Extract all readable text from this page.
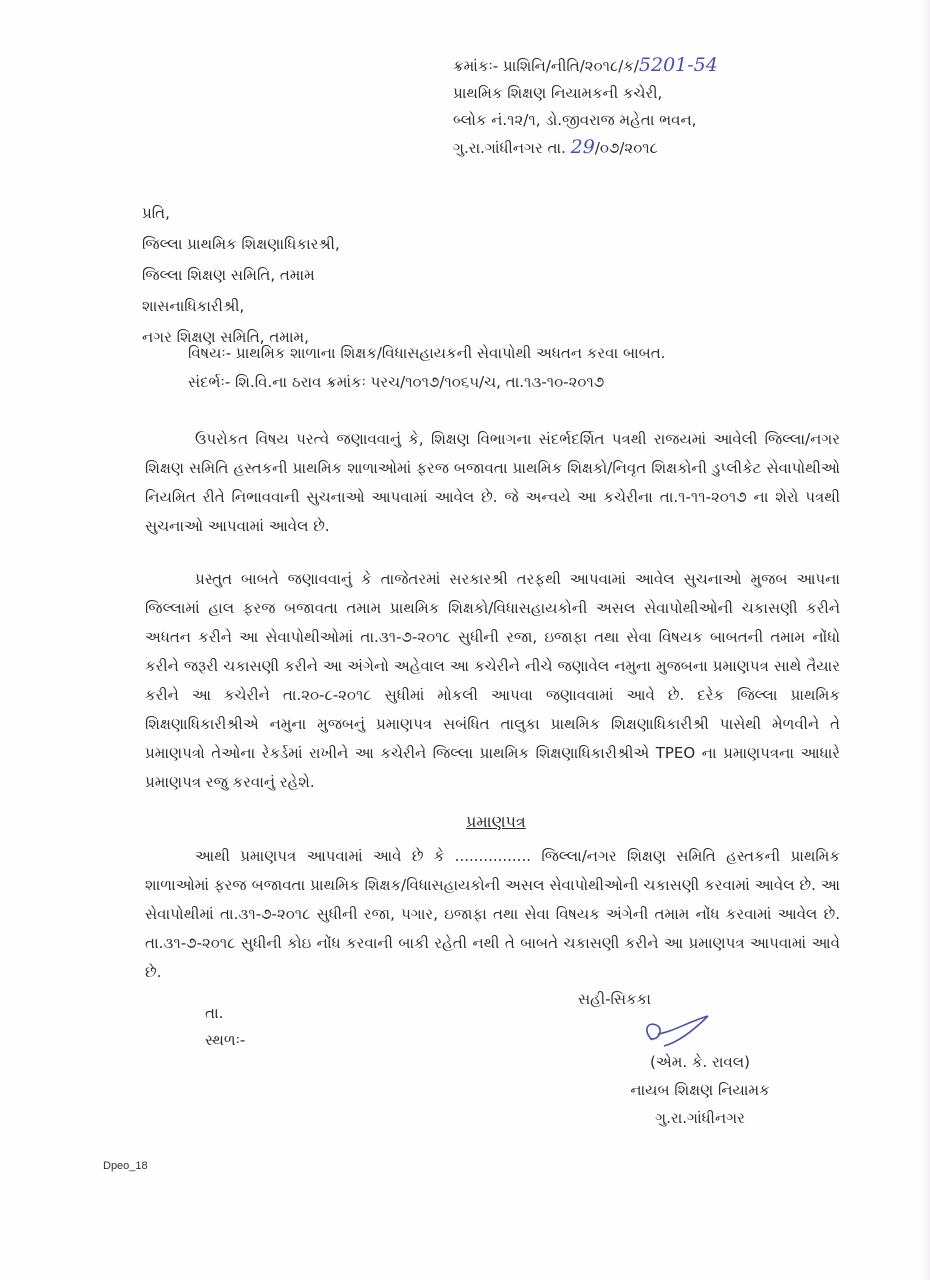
ક્રમાંકઃ- પ્રાશિનિ/નીતિ/૨૦૧૮/ક/5201-54
પ્રાથમિક શિક્ષણ નિયામકની કચેરી,
બ્લોક નં.૧૨/૧, ડો.જીવરાજ મહેતા ભવન,
ગુ.રા.ગાંધીનગર તા. 29/૦૭/૨૦૧૮
પ્રતિ,
જિલ્લા પ્રાથમિક શિક્ષણાધિકારશ્રી,
જિલ્લા શિક્ષણ સમિતિ, તમામ
શાસનાધિકારીશ્રી,
નગર શિક્ષણ સમિતિ, તમામ,
વિષયઃ- પ્રાથમિક શાળાના શિક્ષક/વિધાસહાયકની સેવાપોથી અધતન કરવા બાબત.
સંદર્ભઃ- શિ.વિ.ના ઠરાવ ક્રમાંકઃ પરચ/૧૦૧૭/૧૦૬૫/ચ, તા.૧૩-૧૦-૨૦૧૭
ઉપરોકત વિષય પરત્વે જણાવવાનું કે, શિક્ષણ વિભાગના સંદર્ભદર્શિત પત્રથી રાજયમાં આવેલી જિલ્લા/નગર શિક્ષણ સમિતિ હસ્તકની પ્રાથમિક શાળાઓમાં ફરજ બજાવતા પ્રાથમિક શિક્ષકો/નિવૃત શિક્ષકોની ડુપ્લીકેટ સેવાપોથીઓ નિયમિત રીતે નિભાવવાની સુચનાઓ આપવામાં આવેલ છે. જે અન્વયે આ કચેરીના તા.૧-૧૧-૨૦૧૭ ના શેરો પત્રથી સુચનાઓ આપવામાં આવેલ છે.
પ્રસ્તુત બાબતે જણાવવાનું કે તાજેતરમાં સરકારશ્રી તરફથી આપવામાં આવેલ સુચનાઓ મુજબ આપના જિલ્લામાં હાલ ફરજ બજાવતા તમામ પ્રાથમિક શિક્ષકો/વિધાસહાયકોની અસલ સેવાપોથીઓની ચકાસણી કરીને અધતન કરીને આ સેવાપોથીઓમાં તા.૩૧-૭-૨૦૧૮ સુધીની રજા, ઇજાફા તથા સેવા વિષયક બાબતની તમામ નોંધો કરીને જરૂરી ચકાસણી કરીને આ અંગેનો અહેવાલ આ કચેરીને નીચે જણાવેલ નમુના મુજબના પ્રમાણપત્ર સાથે તૈયાર કરીને આ કચેરીને તા.૨૦-૮-૨૦૧૮ સુધીમાં મોકલી આપવા જણાવવામાં આવે છે. દરેક જિલ્લા પ્રાથમિક શિક્ષણાધિકારીશ્રીએ નમુના મુજબનું પ્રમાણપત્ર સબંધિત તાલુકા પ્રાથમિક શિક્ષણાધિકારીશ્રી પાસેથી મેળવીને તે પ્રમાણપત્રો તેઓના રેકર્ડમાં રાખીને આ કચેરીને જિલ્લા પ્રાથમિક શિક્ષણાધિકારીશ્રીએ TPEO ના પ્રમાણપત્રના આધારે પ્રમાણપત્ર રજુ કરવાનું રહેશે.
પ્રમાણપત્ર
આથી પ્રમાણપત્ર આપવામાં આવે છે કે ................ જિલ્લા/નગર શિક્ષણ સમિતિ હસ્તકની પ્રાથમિક શાળાઓમાં ફરજ બજાવતા પ્રાથમિક શિક્ષક/વિધાસહાયકોની અસલ સેવાપોથીઓની ચકાસણી કરવામાં આવેલ છે. આ સેવાપોથીમાં તા.૩૧-૭-૨૦૧૮ સુધીની રજા, પગાર, ઇજાફા તથા સેવા વિષયક અંગેની તમામ નોંધ કરવામાં આવેલ છે. તા.૩૧-૭-૨૦૧૮ સુધીની કોઇ નોંધ કરવાની બાકી રહેતી નથી તે બાબતે ચકાસણી કરીને આ પ્રમાણપત્ર આપવામાં આવે છે.
તા.
સ્થળઃ-
સહી-સિકકા
(એમ. કે. રાવલ)
નાયબ શિક્ષણ નિયામક
ગુ.રા.ગાંધીનગર
Dpeo_18
